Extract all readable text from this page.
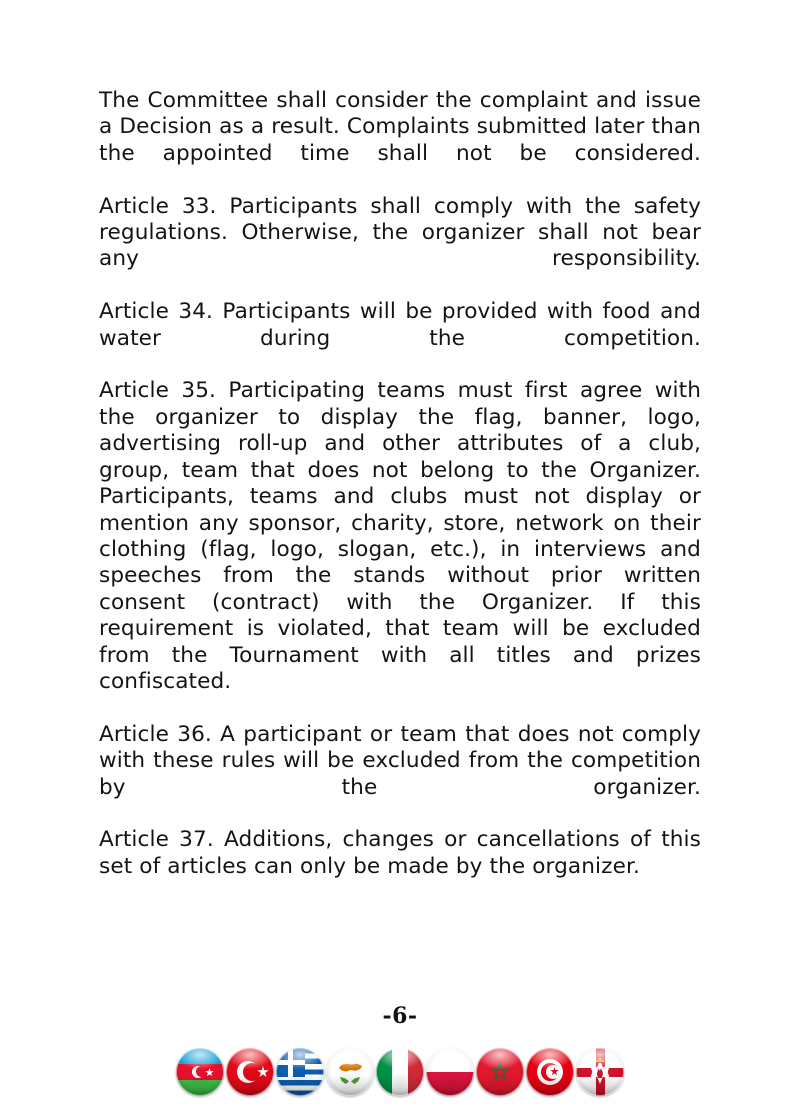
The Committee shall consider the complaint and issue a Decision as a result. Complaints submitted later than the appointed time shall not be considered.

Article 33. Participants shall comply with the safety regulations. Otherwise, the organizer shall not bear any responsibility.

Article 34. Participants will be provided with food and water during the competition.

Article 35. Participating teams must first agree with the organizer to display the flag, banner, logo, advertising roll-up and other attributes of a club, group, team that does not belong to the Organizer. Participants, teams and clubs must not display or mention any sponsor, charity, store, network on their clothing (flag, logo, slogan, etc.), in interviews and speeches from the stands without prior written consent (contract) with the Organizer. If this requirement is violated, that team will be excluded from the Tournament with all titles and prizes confiscated.

Article 36. A participant or team that does not comply with these rules will be excluded from the competition by the organizer.

Article 37. Additions, changes or cancellations of this set of articles can only be made by the organizer.

-6-
